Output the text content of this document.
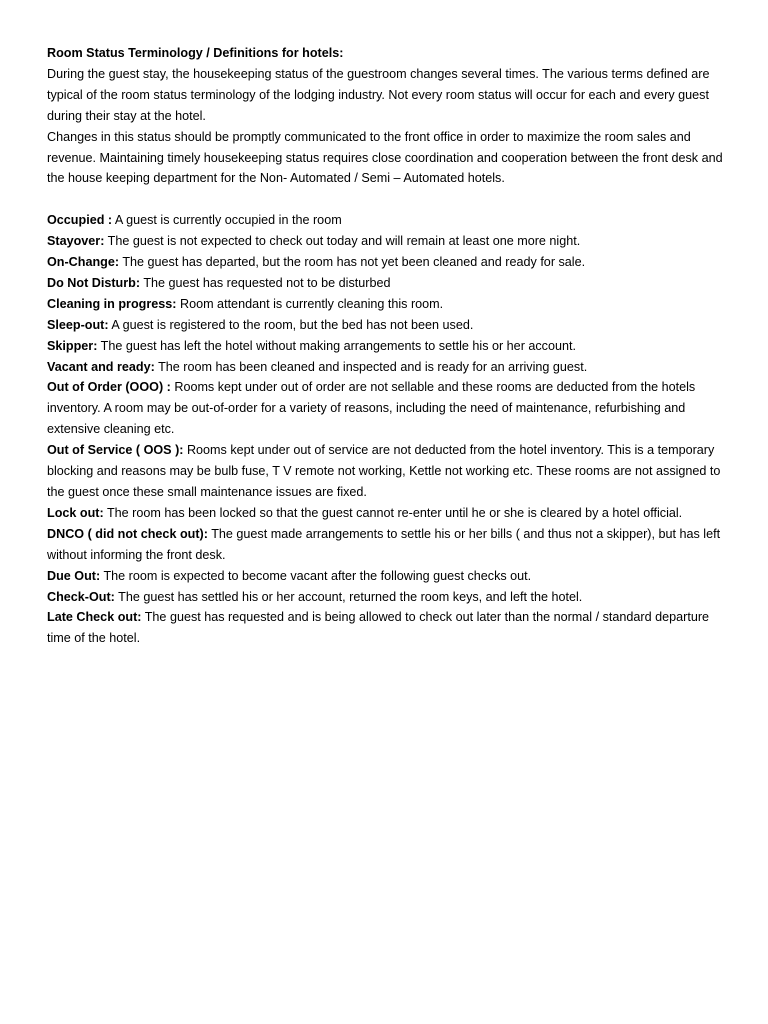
Room Status Terminology / Definitions for hotels:

During the guest stay, the housekeeping status of the guestroom changes several times. The various terms defined are typical of the room status terminology of the lodging industry. Not every room status will occur for each and every guest during their stay at the hotel.

Changes in this status should be promptly communicated to the front office in order to maximize the room sales and revenue. Maintaining timely housekeeping status requires close coordination and cooperation between the front desk and the house keeping department for the Non- Automated / Semi – Automated hotels.

Occupied : A guest is currently occupied in the room

Stayover: The guest is not expected to check out today and will remain at least one more night.

On-Change: The guest has departed, but the room has not yet been cleaned and ready for sale.

Do Not Disturb: The guest has requested not to be disturbed

Cleaning in progress: Room attendant is currently cleaning this room.

Sleep-out: A guest is registered to the room, but the bed has not been used.

Skipper: The guest has left the hotel without making arrangements to settle his or her account.

Vacant and ready: The room has been cleaned and inspected and is ready for an arriving guest.

Out of Order (OOO) : Rooms kept under out of order are not sellable and these rooms are deducted from the hotels inventory. A room may be out-of-order for a variety of reasons, including the need of maintenance, refurbishing and extensive cleaning etc.

Out of Service ( OOS ): Rooms kept under out of service are not deducted from the hotel inventory. This is a temporary blocking and reasons may be bulb fuse, T V remote not working, Kettle not working etc. These rooms are not assigned to the guest once these small maintenance issues are fixed.

Lock out: The room has been locked so that the guest cannot re-enter until he or she is cleared by a hotel official.

DNCO ( did not check out): The guest made arrangements to settle his or her bills ( and thus not a skipper), but has left without informing the front desk.

Due Out: The room is expected to become vacant after the following guest checks out.

Check-Out: The guest has settled his or her account, returned the room keys, and left the hotel.

Late Check out: The guest has requested and is being allowed to check out later than the normal / standard departure time of the hotel.
